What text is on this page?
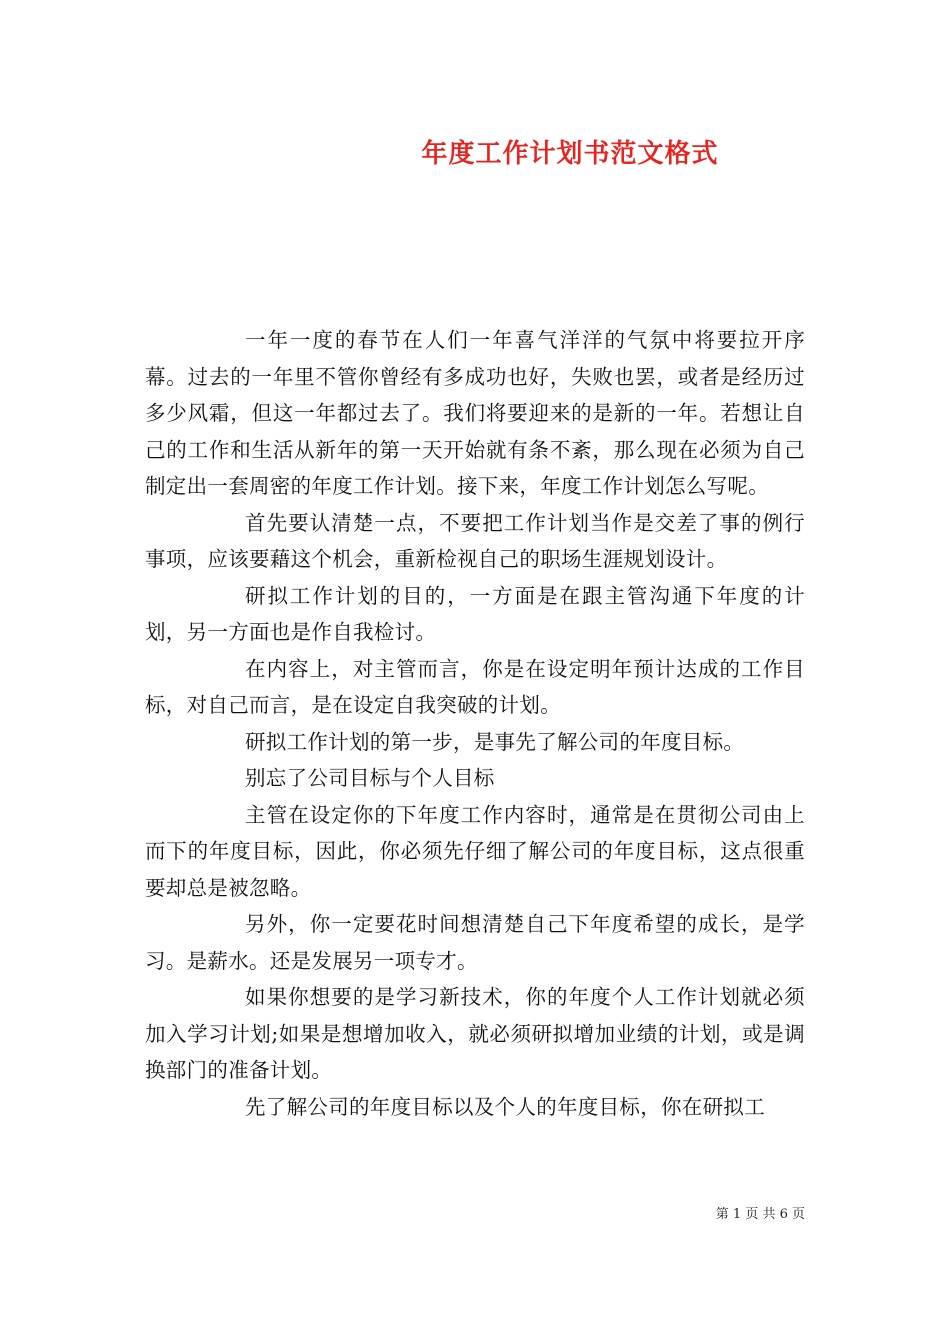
年度工作计划书范文格式

一年一度的春节在人们一年喜气洋洋的气氛中将要拉开序幕。过去的一年里不管你曾经有多成功也好，失败也罢，或者是经历过多少风霜，但这一年都过去了。我们将要迎来的是新的一年。若想让自己的工作和生活从新年的第一天开始就有条不紊，那么现在必须为自己制定出一套周密的年度工作计划。接下来，年度工作计划怎么写呢。

首先要认清楚一点，不要把工作计划当作是交差了事的例行事项，应该要藉这个机会，重新检视自己的职场生涯规划设计。

研拟工作计划的目的，一方面是在跟主管沟通下年度的计划，另一方面也是作自我检讨。

在内容上，对主管而言，你是在设定明年预计达成的工作目标，对自己而言，是在设定自我突破的计划。

研拟工作计划的第一步，是事先了解公司的年度目标。

别忘了公司目标与个人目标

主管在设定你的下年度工作内容时，通常是在贯彻公司由上而下的年度目标，因此，你必须先仔细了解公司的年度目标，这点很重要却总是被忽略。

另外，你一定要花时间想清楚自己下年度希望的成长，是学习。是薪水。还是发展另一项专才。

如果你想要的是学习新技术，你的年度个人工作计划就必须加入学习计划;如果是想增加收入，就必须研拟增加业绩的计划，或是调换部门的准备计划。

先了解公司的年度目标以及个人的年度目标，你在研拟工

第 1 页 共 6 页
